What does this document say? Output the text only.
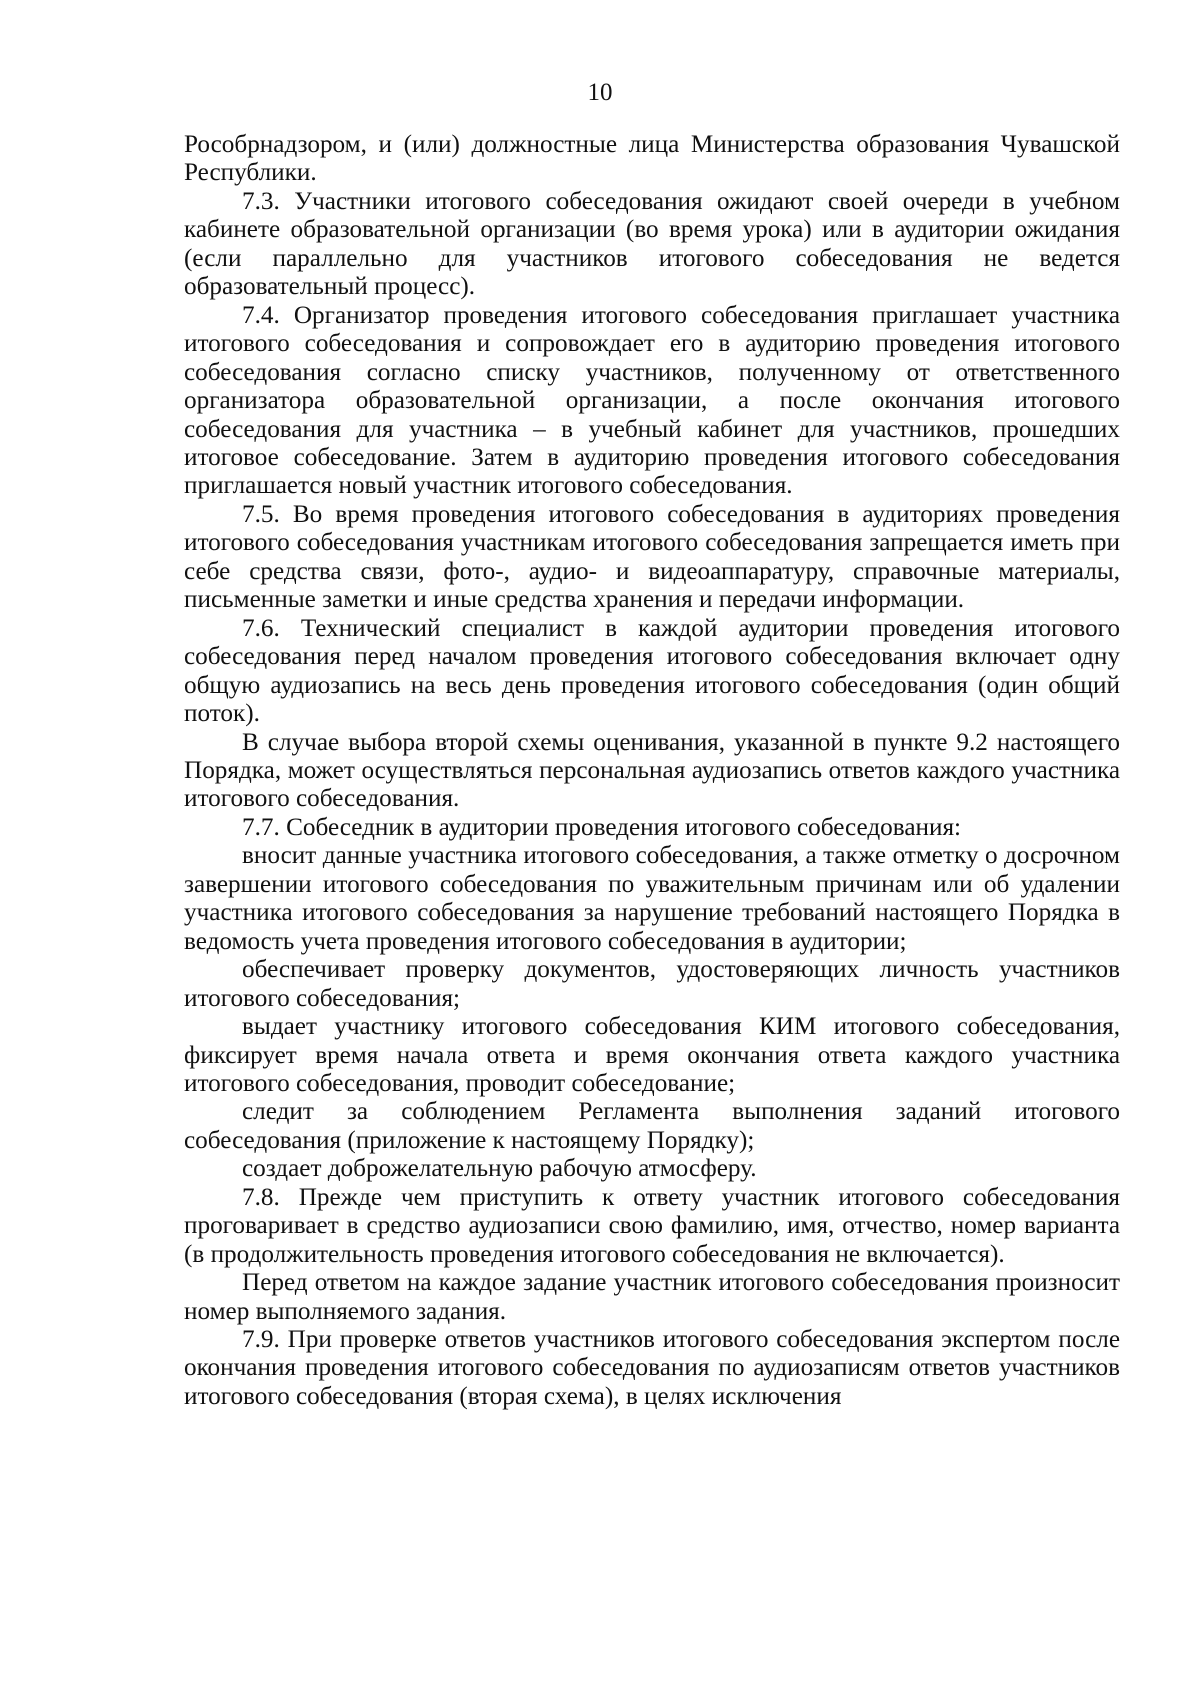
10

Рособрнадзором, и (или) должностные лица Министерства образования Чувашской Республики.

7.3. Участники итогового собеседования ожидают своей очереди в учебном кабинете образовательной организации (во время урока) или в аудитории ожидания (если параллельно для участников итогового собеседования не ведется образовательный процесс).

7.4. Организатор проведения итогового собеседования приглашает участника итогового собеседования и сопровождает его в аудиторию проведения итогового собеседования согласно списку участников, полученному от ответственного организатора образовательной организации, а после окончания итогового собеседования для участника – в учебный кабинет для участников, прошедших итоговое собеседование. Затем в аудиторию проведения итогового собеседования приглашается новый участник итогового собеседования.

7.5. Во время проведения итогового собеседования в аудиториях проведения итогового собеседования участникам итогового собеседования запрещается иметь при себе средства связи, фото-, аудио- и видеоаппаратуру, справочные материалы, письменные заметки и иные средства хранения и передачи информации.

7.6. Технический специалист в каждой аудитории проведения итогового собеседования перед началом проведения итогового собеседования включает одну общую аудиозапись на весь день проведения итогового собеседования (один общий поток).

В случае выбора второй схемы оценивания, указанной в пункте 9.2 настоящего Порядка, может осуществляться персональная аудиозапись ответов каждого участника итогового собеседования.

7.7. Собеседник в аудитории проведения итогового собеседования:

вносит данные участника итогового собеседования, а также отметку о досрочном завершении итогового собеседования по уважительным причинам или об удалении участника итогового собеседования за нарушение требований настоящего Порядка в ведомость учета проведения итогового собеседования в аудитории;

обеспечивает проверку документов, удостоверяющих личность участников итогового собеседования;

выдает участнику итогового собеседования КИМ итогового собеседования, фиксирует время начала ответа и время окончания ответа каждого участника итогового собеседования, проводит собеседование;

следит за соблюдением Регламента выполнения заданий итогового собеседования (приложение к настоящему Порядку);

создает доброжелательную рабочую атмосферу.

7.8. Прежде чем приступить к ответу участник итогового собеседования проговаривает в средство аудиозаписи свою фамилию, имя, отчество, номер варианта (в продолжительность проведения итогового собеседования не включается).

Перед ответом на каждое задание участник итогового собеседования произносит номер выполняемого задания.

7.9. При проверке ответов участников итогового собеседования экспертом после окончания проведения итогового собеседования по аудиозаписям ответов участников итогового собеседования (вторая схема), в целях исключения
